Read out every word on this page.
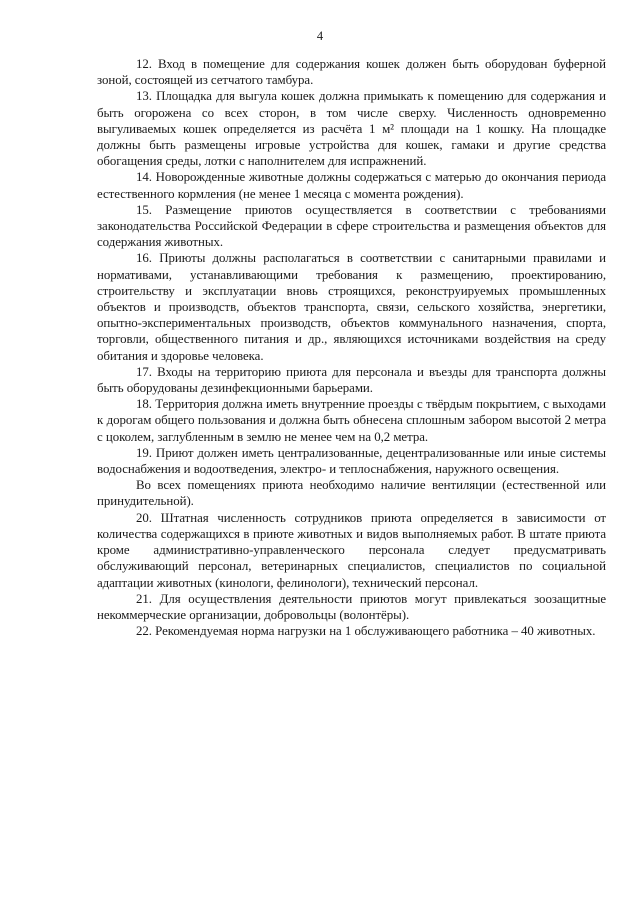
4

12. Вход в помещение для содержания кошек должен быть оборудован буферной зоной, состоящей из сетчатого тамбура.

13. Площадка для выгула кошек должна примыкать к помещению для содержания и быть огорожена со всех сторон, в том числе сверху. Численность одновременно выгуливаемых кошек определяется из расчёта 1 м² площади на 1 кошку. На площадке должны быть размещены игровые устройства для кошек, гамаки и другие средства обогащения среды, лотки с наполнителем для испражнений.

14. Новорожденные животные должны содержаться с матерью до окончания периода естественного кормления (не менее 1 месяца с момента рождения).

15. Размещение приютов осуществляется в соответствии с требованиями законодательства Российской Федерации в сфере строительства и размещения объектов для содержания животных.

16. Приюты должны располагаться в соответствии с санитарными правилами и нормативами, устанавливающими требования к размещению, проектированию, строительству и эксплуатации вновь строящихся, реконструируемых промышленных объектов и производств, объектов транспорта, связи, сельского хозяйства, энергетики, опытно-экспериментальных производств, объектов коммунального назначения, спорта, торговли, общественного питания и др., являющихся источниками воздействия на среду обитания и здоровье человека.

17. Входы на территорию приюта для персонала и въезды для транспорта должны быть оборудованы дезинфекционными барьерами.

18. Территория должна иметь внутренние проезды с твёрдым покрытием, с выходами к дорогам общего пользования и должна быть обнесена сплошным забором высотой 2 метра с цоколем, заглубленным в землю не менее чем на 0,2 метра.

19. Приют должен иметь централизованные, децентрализованные или иные системы водоснабжения и водоотведения, электро- и теплоснабжения, наружного освещения.

Во всех помещениях приюта необходимо наличие вентиляции (естественной или принудительной).

20. Штатная численность сотрудников приюта определяется в зависимости от количества содержащихся в приюте животных и видов выполняемых работ. В штате приюта кроме административно-управленческого персонала следует предусматривать обслуживающий персонал, ветеринарных специалистов, специалистов по социальной адаптации животных (кинологи, фелинологи), технический персонал.

21. Для осуществления деятельности приютов могут привлекаться зоозащитные некоммерческие организации, добровольцы (волонтёры).

22. Рекомендуемая норма нагрузки на 1 обслуживающего работника – 40 животных.
